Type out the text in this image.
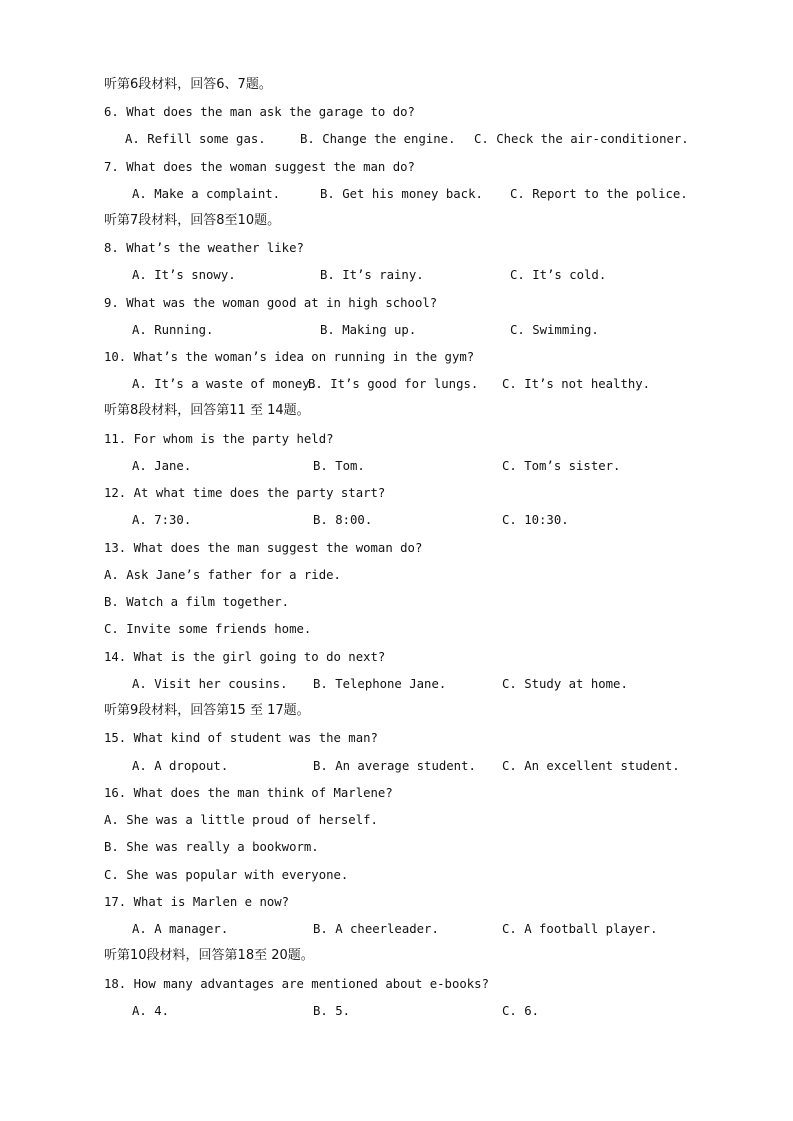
听第6段材料，回答6、7题。
6. What does the man ask the garage to do?
A. Refill some gas.	B. Change the engine. C. Check the air-conditioner.
7. What does the woman suggest the man do?
A. Make a complaint.	B. Get his money back. C. Report to the police.
听第7段材料，回答8至10题。
8. What’s the weather like?
A. It’s snowy.	B. It’s rainy.	C. It’s cold.
9. What was the woman good at in high school?
A. Running.	B. Making up.	C. Swimming.
10. What’s the woman’s idea on running in the gym?
A. It’s a waste of money.
B. It’s good for lungs. C. It’s not healthy.
听第8段材料，回答第11 至 14题。
11. For whom is the party held?
A. Jane.	B. Tom.	C. Tom’s sister.
12. At what time does the party start?
A. 7:30.	B. 8:00.	C. 10:30.
13. What does the man suggest the woman do?
A. Ask Jane’s father for a ride.
B. Watch a film together.
C. Invite some friends home.
14. What is the girl going to do next?
A. Visit her cousins. B. Telephone Jane.	C. Study at home.
听第9段材料，回答第15 至 17题。
15. What kind of student was the man?
A. A dropout.	B. An average student. C. An excellent student.
16. What does the man think of Marlene?
A. She was a little proud of herself.
B. She was really a bookworm.
C. She was popular with everyone.
17. What is Marlen e now?
A. A manager.	B. A cheerleader.	C. A football player.
听第10段材料，回答第18至 20题。
18. How many advantages are mentioned about e-books?
A. 4.	B. 5.	C. 6.
